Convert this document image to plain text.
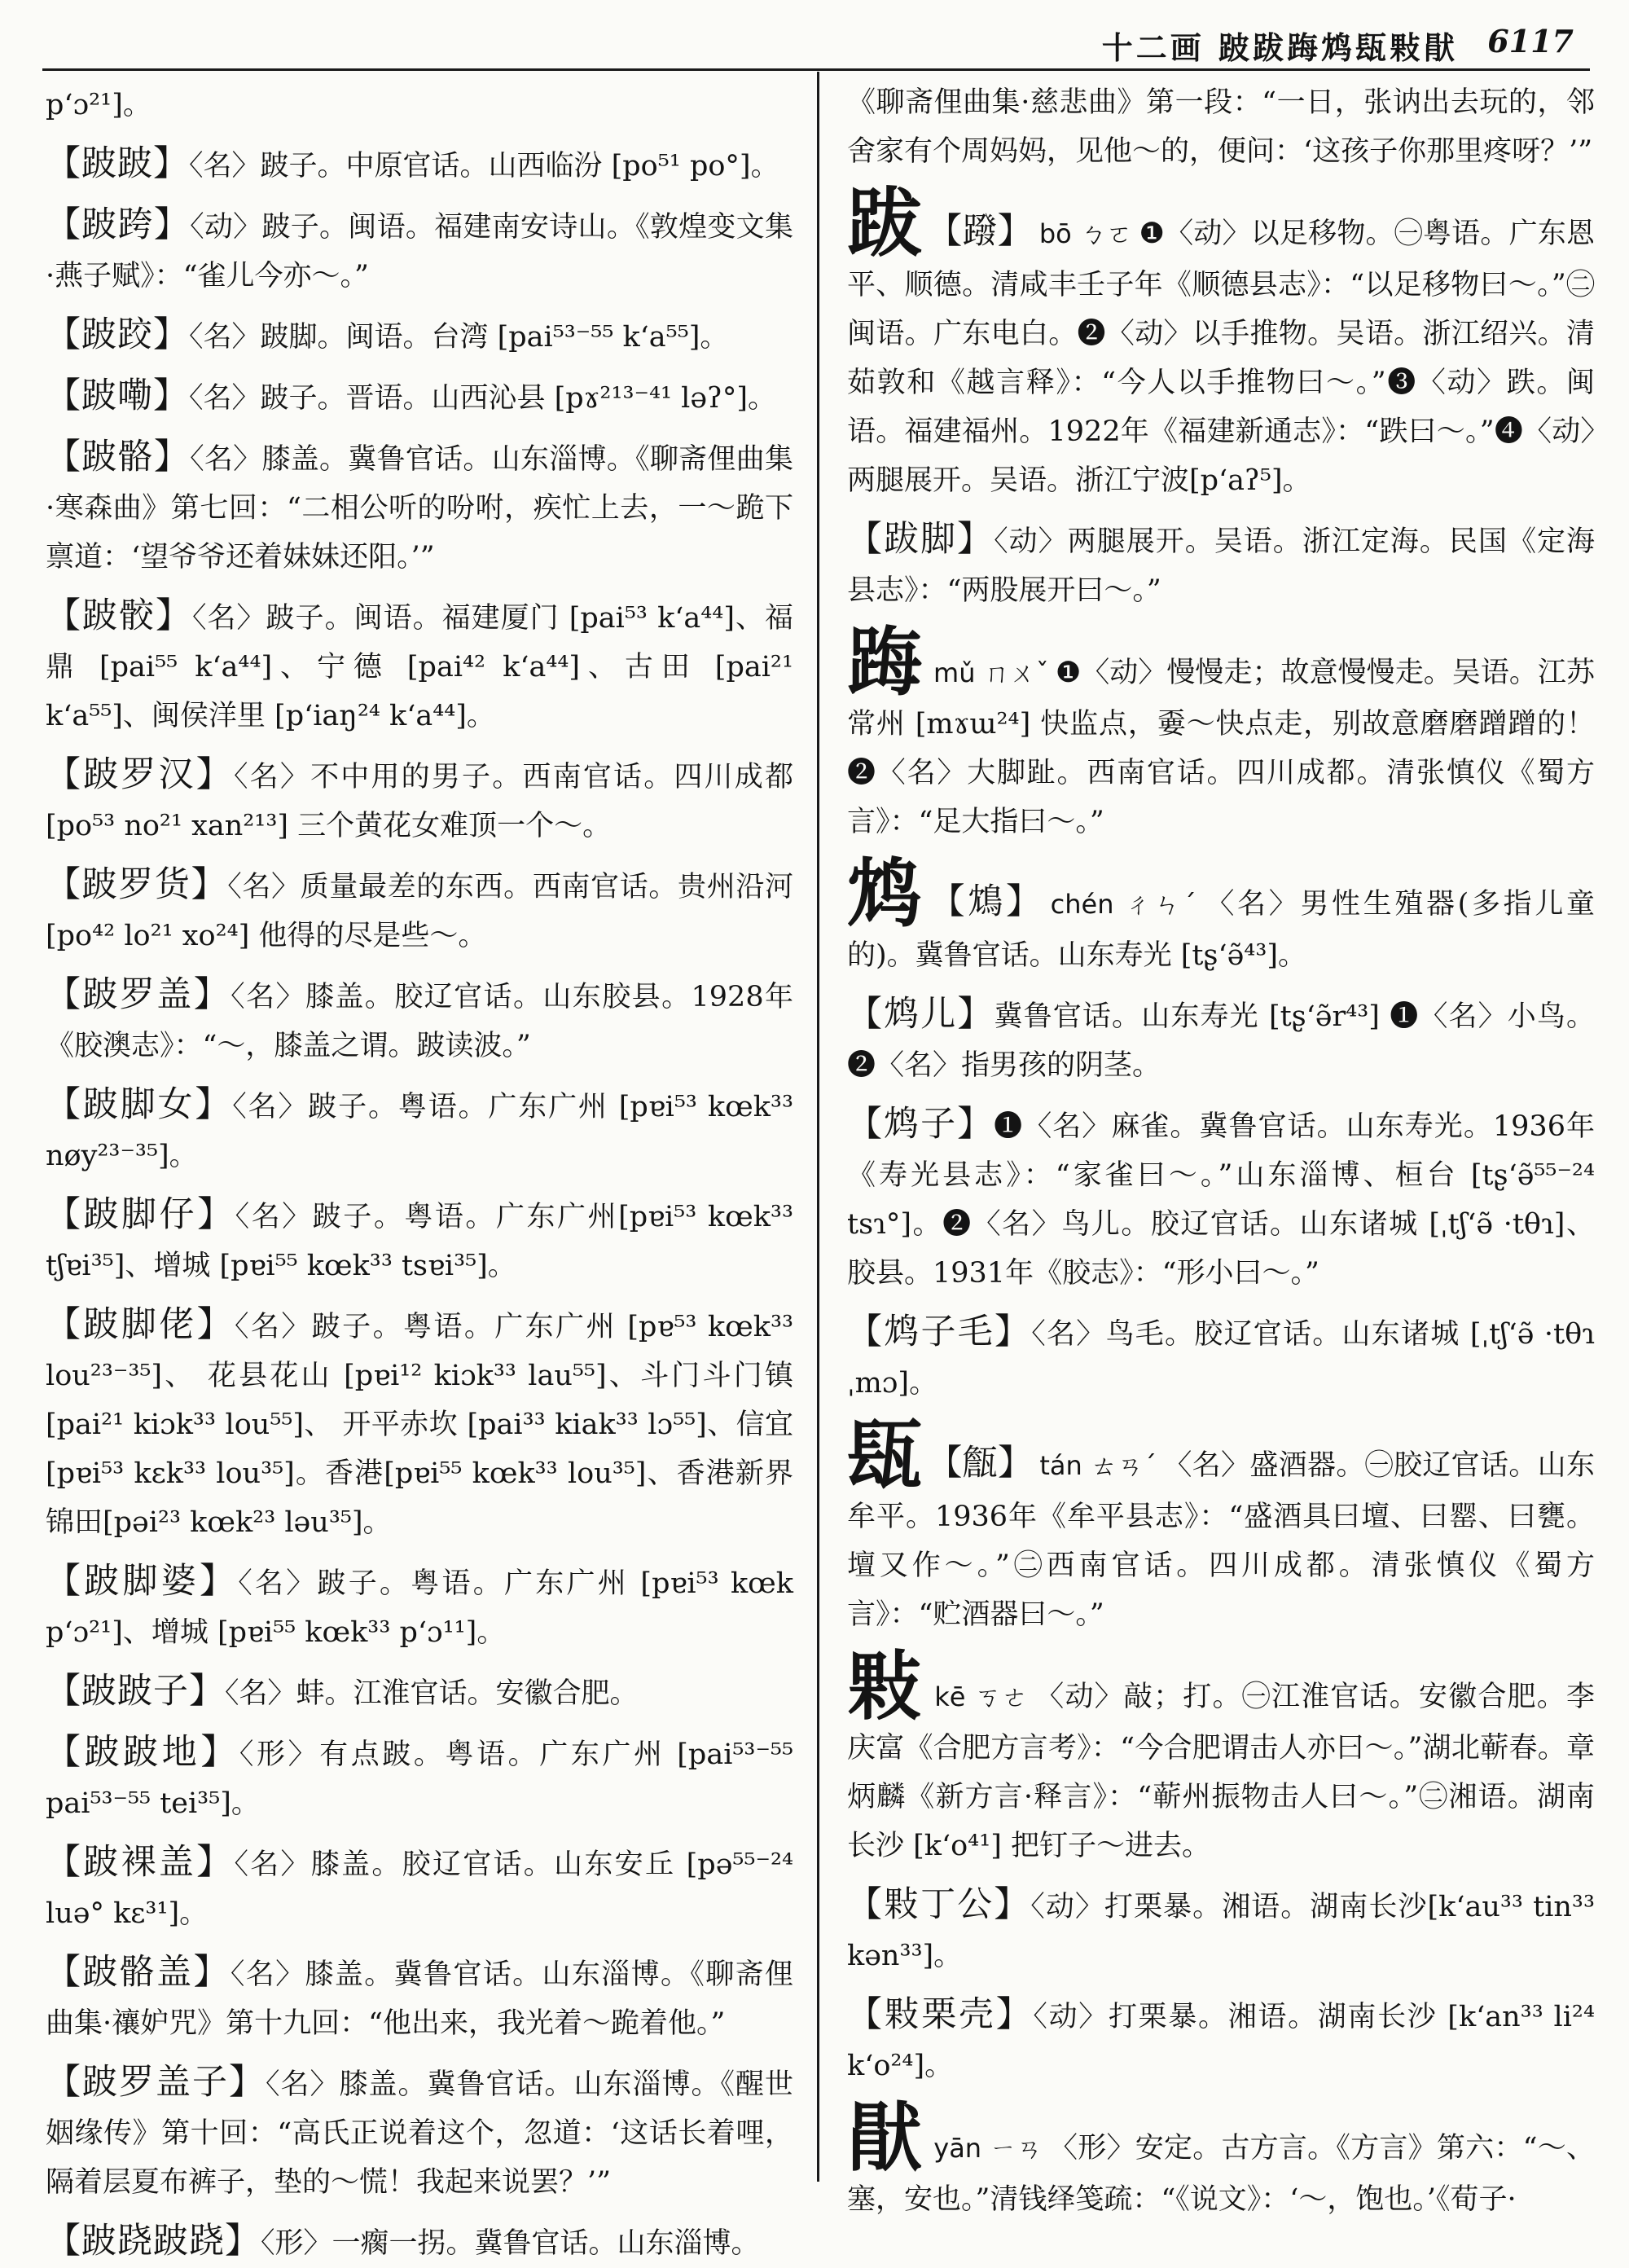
十二画 跛跋踇鸩瓺敤猒 6117

p‘ɔ²¹]。

【跛跛】〈名〉跛子。中原官话。山西临汾 [po⁵¹ po°]。

【跛跨】〈动〉跛子。闽语。福建南安诗山。《敦煌变文集·燕子赋》：“雀儿今亦～。”

【跛跤】〈名〉跛脚。闽语。台湾 [pai⁵³⁻⁵⁵ k‘a⁵⁵]。

【跛嘞】〈名〉跛子。晋语。山西沁县 [pɤ²¹³⁻⁴¹ ləʔ°]。

【跛骼】〈名〉膝盖。冀鲁官话。山东淄博。《聊斋俚曲集·寒森曲》第七回：“二相公听的吩咐，疾忙上去，一～跪下禀道：‘望爷爷还着妹妹还阳。’”

【跛骹】〈名〉跛子。闽语。福建厦门 [pai⁵³ k‘a⁴⁴]、福鼎 [pai⁵⁵ k‘a⁴⁴]、宁德 [pai⁴² k‘a⁴⁴]、古田 [pai²¹ k‘a⁵⁵]、闽侯洋里 [p‘iaŋ²⁴ k‘a⁴⁴]。

【跛罗汉】〈名〉不中用的男子。西南官话。四川成都 [po⁵³ no²¹ xan²¹³] 三个黄花女难顶一个～。

【跛罗货】〈名〉质量最差的东西。西南官话。贵州沿河 [po⁴² lo²¹ xo²⁴] 他得的尽是些～。

【跛罗盖】〈名〉膝盖。胶辽官话。山东胶县。1928年《胶澳志》：“～，膝盖之谓。跛读波。”

【跛脚女】〈名〉跛子。粤语。广东广州 [pɐi⁵³ kœk³³ nøy²³⁻³⁵]。

【跛脚仔】〈名〉跛子。粤语。广东广州[pɐi⁵³ kœk³³ tʃɐi³⁵]、增城 [pɐi⁵⁵ kœk³³ tsɐi³⁵]。

【跛脚佬】〈名〉跛子。粤语。广东广州 [pɐ⁵³ kœk³³ lou²³⁻³⁵]、 花县花山 [pɐi¹² kiɔk³³ lau⁵⁵]、斗门斗门镇 [pai²¹ kiɔk³³ lou⁵⁵]、 开平赤坎 [pai³³ kiak³³ lɔ⁵⁵]、信宜 [pɐi⁵³ kɛk³³ lou³⁵]。香港[pɐi⁵⁵ kœk³³ lou³⁵]、香港新界锦田[pəi²³ kœk²³ ləu³⁵]。

【跛脚婆】〈名〉跛子。粤语。广东广州 [pɐi⁵³ kœk p‘ɔ²¹]、增城 [pɐi⁵⁵ kœk³³ p‘ɔ¹¹]。

【跛跛子】〈名〉蚌。江淮官话。安徽合肥。

【跛跛地】〈形〉有点跛。粤语。广东广州 [pai⁵³⁻⁵⁵ pai⁵³⁻⁵⁵ tei³⁵]。

【跛裸盖】〈名〉膝盖。胶辽官话。山东安丘 [pə⁵⁵⁻²⁴ luə° kɛ³¹]。

【跛骼盖】〈名〉膝盖。冀鲁官话。山东淄博。《聊斋俚曲集·禳妒咒》第十九回：“他出来，我光着～跪着他。”

【跛罗盖子】〈名〉膝盖。冀鲁官话。山东淄博。《醒世姻缘传》第十回：“高氏正说着这个，忽道：‘这话长着哩，隔着层夏布裤子，垫的～慌！我起来说罢？’”

【跛跷跛跷】〈形〉一瘸一拐。冀鲁官话。山东淄博。

《聊斋俚曲集·慈悲曲》第一段：“一日，张讷出去玩的，邻舍家有个周妈妈，见他～的，便问：‘这孩子你那里疼呀？’”

跋 【蹳】 bō ㄅㄛ ❶〈动〉以足移物。㊀粤语。广东恩平、顺德。清咸丰壬子年《顺德县志》：“以足移物曰～。”㊁闽语。广东电白。❷〈动〉以手推物。吴语。浙江绍兴。清茹敦和《越言释》：“今人以手推物曰～。”❸〈动〉跌。闽语。福建福州。1922年《福建新通志》：“跌曰～。”❹〈动〉两腿展开。吴语。浙江宁波[p‘aʔ⁵]。

【跋脚】〈动〉两腿展开。吴语。浙江定海。民国《定海县志》：“两股展开曰～。”

踇mǔ ㄇㄨˇ ❶〈动〉慢慢走；故意慢慢走。吴语。江苏常州 [mɤɯ²⁴] 快监点，嫑～快点走，别故意磨磨蹭蹭的！❷〈名〉大脚趾。西南官话。四川成都。清张慎仪《蜀方言》：“足大指曰～。”

鸩 【鴆】 chén ㄔㄣˊ 〈名〉男性生殖器(多指儿童的)。冀鲁官话。山东寿光 [tʂ‘ə̃⁴³]。

【鸩儿】冀鲁官话。山东寿光 [tʂ‘ə̃r⁴³] ❶〈名〉小鸟。❷〈名〉指男孩的阴茎。

【鸩子】❶〈名〉麻雀。冀鲁官话。山东寿光。1936年《寿光县志》：“家雀曰～。”山东淄博、桓台 [tʂ‘ə̃⁵⁵⁻²⁴ tsɿ°]。❷〈名〉鸟儿。胶辽官话。山东诸城 [ˌtʃ‘ə̃ ·tθɿ]、胶县。1931年《胶志》：“形小曰～。”

【鸩子毛】〈名〉鸟毛。胶辽官话。山东诸城 [ˌtʃ‘ə̃ ·tθɿ ˌmɔ]。

瓺 【甔】 tán ㄊㄢˊ 〈名〉盛酒器。㊀胶辽官话。山东牟平。1936年《牟平县志》：“盛酒具曰壇、曰罂、曰甕。壇又作～。”㊁西南官话。四川成都。清张慎仪《蜀方言》：“贮酒器曰～。”

敤kē ㄎㄜ 〈动〉敲；打。㊀江淮官话。安徽合肥。李庆富《合肥方言考》：“今合肥谓击人亦曰～。”湖北蕲春。章炳麟《新方言·释言》：“蕲州振物击人曰～。”㊁湘语。湖南长沙 [k‘o⁴¹] 把钉子～进去。

【敤丁公】〈动〉打栗暴。湘语。湖南长沙[k‘au³³ tin³³ kən³³]。

【敤栗壳】〈动〉打栗暴。湘语。湖南长沙 [k‘an³³ li²⁴ k‘o²⁴]。

猒yān ㄧㄢ 〈形〉安定。古方言。《方言》第六：“～、塞，安也。”清钱绎笺疏：“《说文》：‘～，饱也。’《荀子·
